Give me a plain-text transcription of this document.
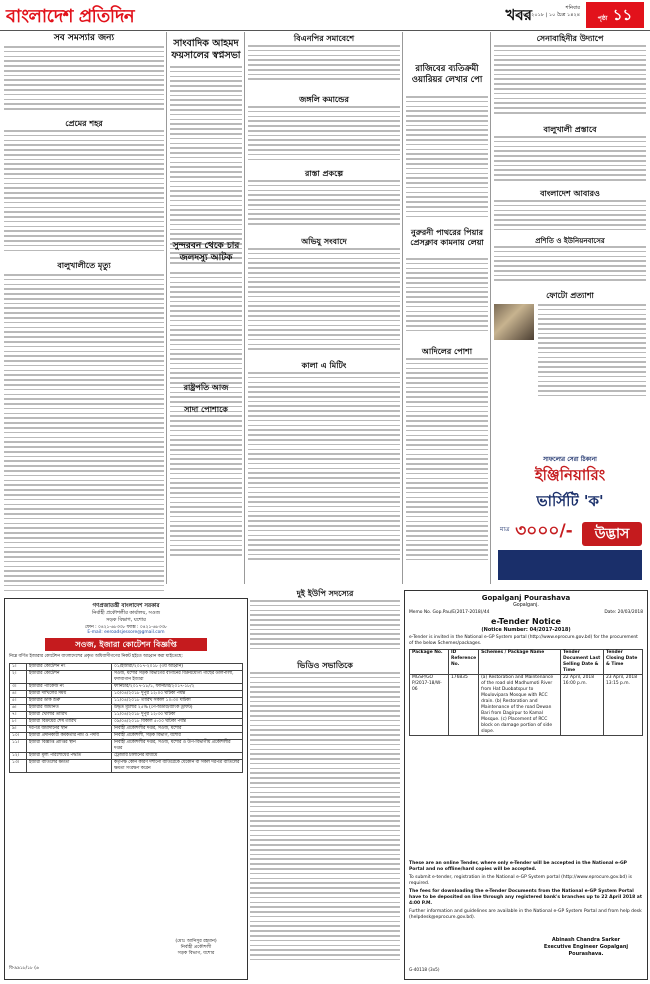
বাংলাদেশ প্রতিদিন	শনিবার
২৮ মার্চ ২০১৮ | ১০ চৈত্র ১৪২৪
খবর	পৃষ্ঠা ১১

সব সমস্যার জন্য

প্রেমের শহর

বালুখালীতে মৃত্যু

সাংবাদিক আহমদ ফয়সালের স্বপ্নসভা

সুন্দরবন থেকে চার জলদস্যু আটক

রাষ্ট্রপতি আজ

সাদা পোশাকে

বিএনপির সমাবেশে

জঙ্গলি কমান্ডের

রাস্তা প্রকল্পে

অভিযু সংবাদে

কালা এ মিটিং

রাজিবের ব্যতিক্রমী ওয়ারিয়র লেখার পো

নুরুরনী পাথরের পিয়ার প্রেসক্লাব কামনায় লেয়া

আদিলের পোশা

সেনাবাহিনীর উদ্যাপে

বালুখালী প্রস্তাবে

বাংলাদেশ আবারও

প্রশিতি ও ইউনিয়নবাসের

ফোটো প্রত্যাশা

সাফল্যের সেরা ঠিকানা
ইঞ্জিনিয়ারিং
ভার্সিটি 'ক'
মাত্র ৩০০০/-	উদ্ভাস
গণপ্রজাতন্ত্রী বাংলাদেশ সরকার
নির্বাহী প্রকৌশলীর কার্যালয়, সওজ
সড়ক বিভাগ, যশোর
ফোন : ০৪২১-৬৮৩৩৮ ফ্যাক্স : ০৪২১-৬৮৩৩৮
E-mail: eeroadsjessore@gmail.com
সওজ, ইজারা কোটেশন বিজ্ঞপ্তি
নিম্নে বর্ণিত ইজারার কোটেশন বাংলাদেশের প্রকৃত অধিবাসীগণের নিকট হইতে আহ্বান করা যাইতেছে:
১।	ইজারার কোটেশন নং	০১/ইজারা/২০১৭-২০১৮ (৩য় আহ্বান)
২।	ইজারার কোটেশন	সওজ, যশোর সড়ক বিভাগের বাগানের বিক্রয়যোগ্য গাছের ডালপালা, ফলবাগান ইজারা
৩।	ইজারার প্যাকেজ নং	ফার্নিচার/২০১৭-১৮/১, ফার্নিচার/২০১৭-১৮/২
৪।	ইজারা দাখিলের সময়	১০/০৪/২০১৮ দুপুর ১২:০০ ঘটিকা পর্যন্ত
৫।	ইজারার ডাক শুরু	১১/০৪/২০১৮ তারিখ সকাল ১০:৩০ ঘটিকা
৬।	ইজারার জামানত	উদ্ধৃত মূল্যের ২৫% (পে-অর্ডার/ব্যাংক ড্রাফট)
৭।	ইজারা খোলার তারিখ	১১/০৪/২০১৮ দুপুর ১২:৩০ ঘটিকা
৮।	ইজারা বিক্রয়ের শেষ তারিখ	০৯/০৪/২০১৮ বিকাল ৫:০০ ঘটিকা পর্যন্ত
৯।	দরপত্র জমাদানের স্থান	নির্বাহী প্রকৌশলীর দপ্তর, সওজ, যশোর
১০।	ইজারা প্রদানকারী কর্মকর্তার নাম ও পদবি	নির্বাহী প্রকৌশলী, সড়ক বিভাগ, যশোর
১১।	ইজারা বিজ্ঞপ্তি প্রাপ্তির স্থান	নির্বাহী প্রকৌশলীর দপ্তর, সওজ, যশোর ও উপ-বিভাগীয় প্রকৌশলীর দপ্তর
১২।	ইজারা মূল্য পরিশোধের পদ্ধতি	ট্রেজারি চালানের মাধ্যমে
১৩।	ইজারা বাতিলের ক্ষমতা	কর্তৃপক্ষ কোন কারণ দর্শানো ব্যতিরেকে যেকোন বা সকল দরপত্র বাতিলের ক্ষমতা সংরক্ষণ করেন
(মোঃ আনিসুর রহমান)
নির্বাহী প্রকৌশলী
সড়ক বিভাগ, যশোর
বি-৯৯১৮/১৮ (৬
Gopalganj Pourashava
Gopalganj.
Memo No. Gop.Pau/E(2017-2018)/44	Date: 20/03/2018
e-Tender Notice
(Notice Number: 04/2017-2018)
e-Tender is invited in the National e-GP System portal (http://www.eprocure.gov.bd) for the procurement of the below Schemes/packages.
Package No.	ID Reference No.	Schemes / Package Name	Tender Document Last Selling Date & Time	Tender Closing Date & Time
MGSP/GO P/2017-18/W-06	176835	(a) Restoration and Maintenance of the road old Madhumoti River from Hat Duobatspur to Moulovipara Mosque with RCC drain. (b) Restoration and Maintenance of the road Dewan Bari from Dagirpur to Kamal Mosque. (c) Placement of RCC block on damage portion of side slope.	22 April, 2018 16:00 p.m.	23 April, 2018 13:15 p.m.

These are an online Tender, where only e-Tender will be accepted in the National e-GP Portal and no offline/hard copies will be accepted.

To submit e-tender, registration in the National e-GP System portal (http://www.eprocure.gov.bd) is required.

The fees for downloading the e-Tender Documents from the National e-GP System Portal have to be deposited on line through any registered bank's branches up to 22 April 2018 at 4:00 P.M.

Further information and guidelines are available in the National e-GP System Portal and from help desk (helpdesk@eprocure.gov.bd).

Abinash Chandra Sarker
Executive Engineer Gopalganj
Pourashava.
G-40118 (3x5)

দুই ইউপি সদস্যের

ভিডিও সভাতিকে
